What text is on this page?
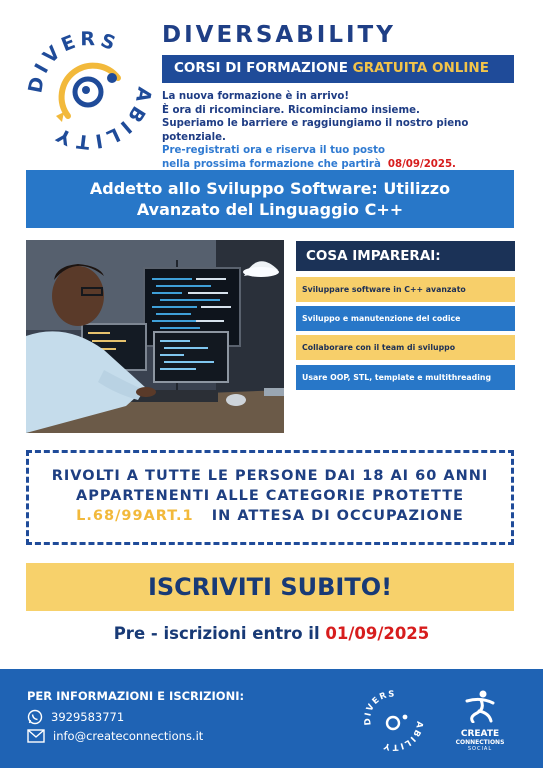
DIVERS
ABILITY
DIVERSABILITY
CORSI DI FORMAZIONE GRATUITA ONLINE
La nuova formazione è in arrivo!
È ora di ricominciare. Ricominciamo insieme.
Superiamo le barriere e raggiungiamo il nostro pieno potenziale.
Pre-registrati ora e riserva il tuo posto
nella prossima formazione che partirà 08/09/2025.
Addetto allo Sviluppo Software: Utilizzo
Avanzato del Linguaggio C++
COSA IMPARERAI:
Sviluppare software in C++ avanzato
Sviluppo e manutenzione del codice
Collaborare con il team di sviluppo
Usare OOP, STL, template e multithreading
RIVOLTI A TUTTE LE PERSONE DAI 18 AI 60 ANNI
APPARTENENTI ALLE CATEGORIE PROTETTE
L.68/99ART.1 IN ATTESA DI OCCUPAZIONE
ISCRIVITI SUBITO!
Pre - iscrizioni entro il 01/09/2025
PER INFORMAZIONI E ISCRIZIONI:
3929583771
info@createconnections.it
DIVERS
ABILITY
CREATE
CONNECTIONS
SOCIAL
